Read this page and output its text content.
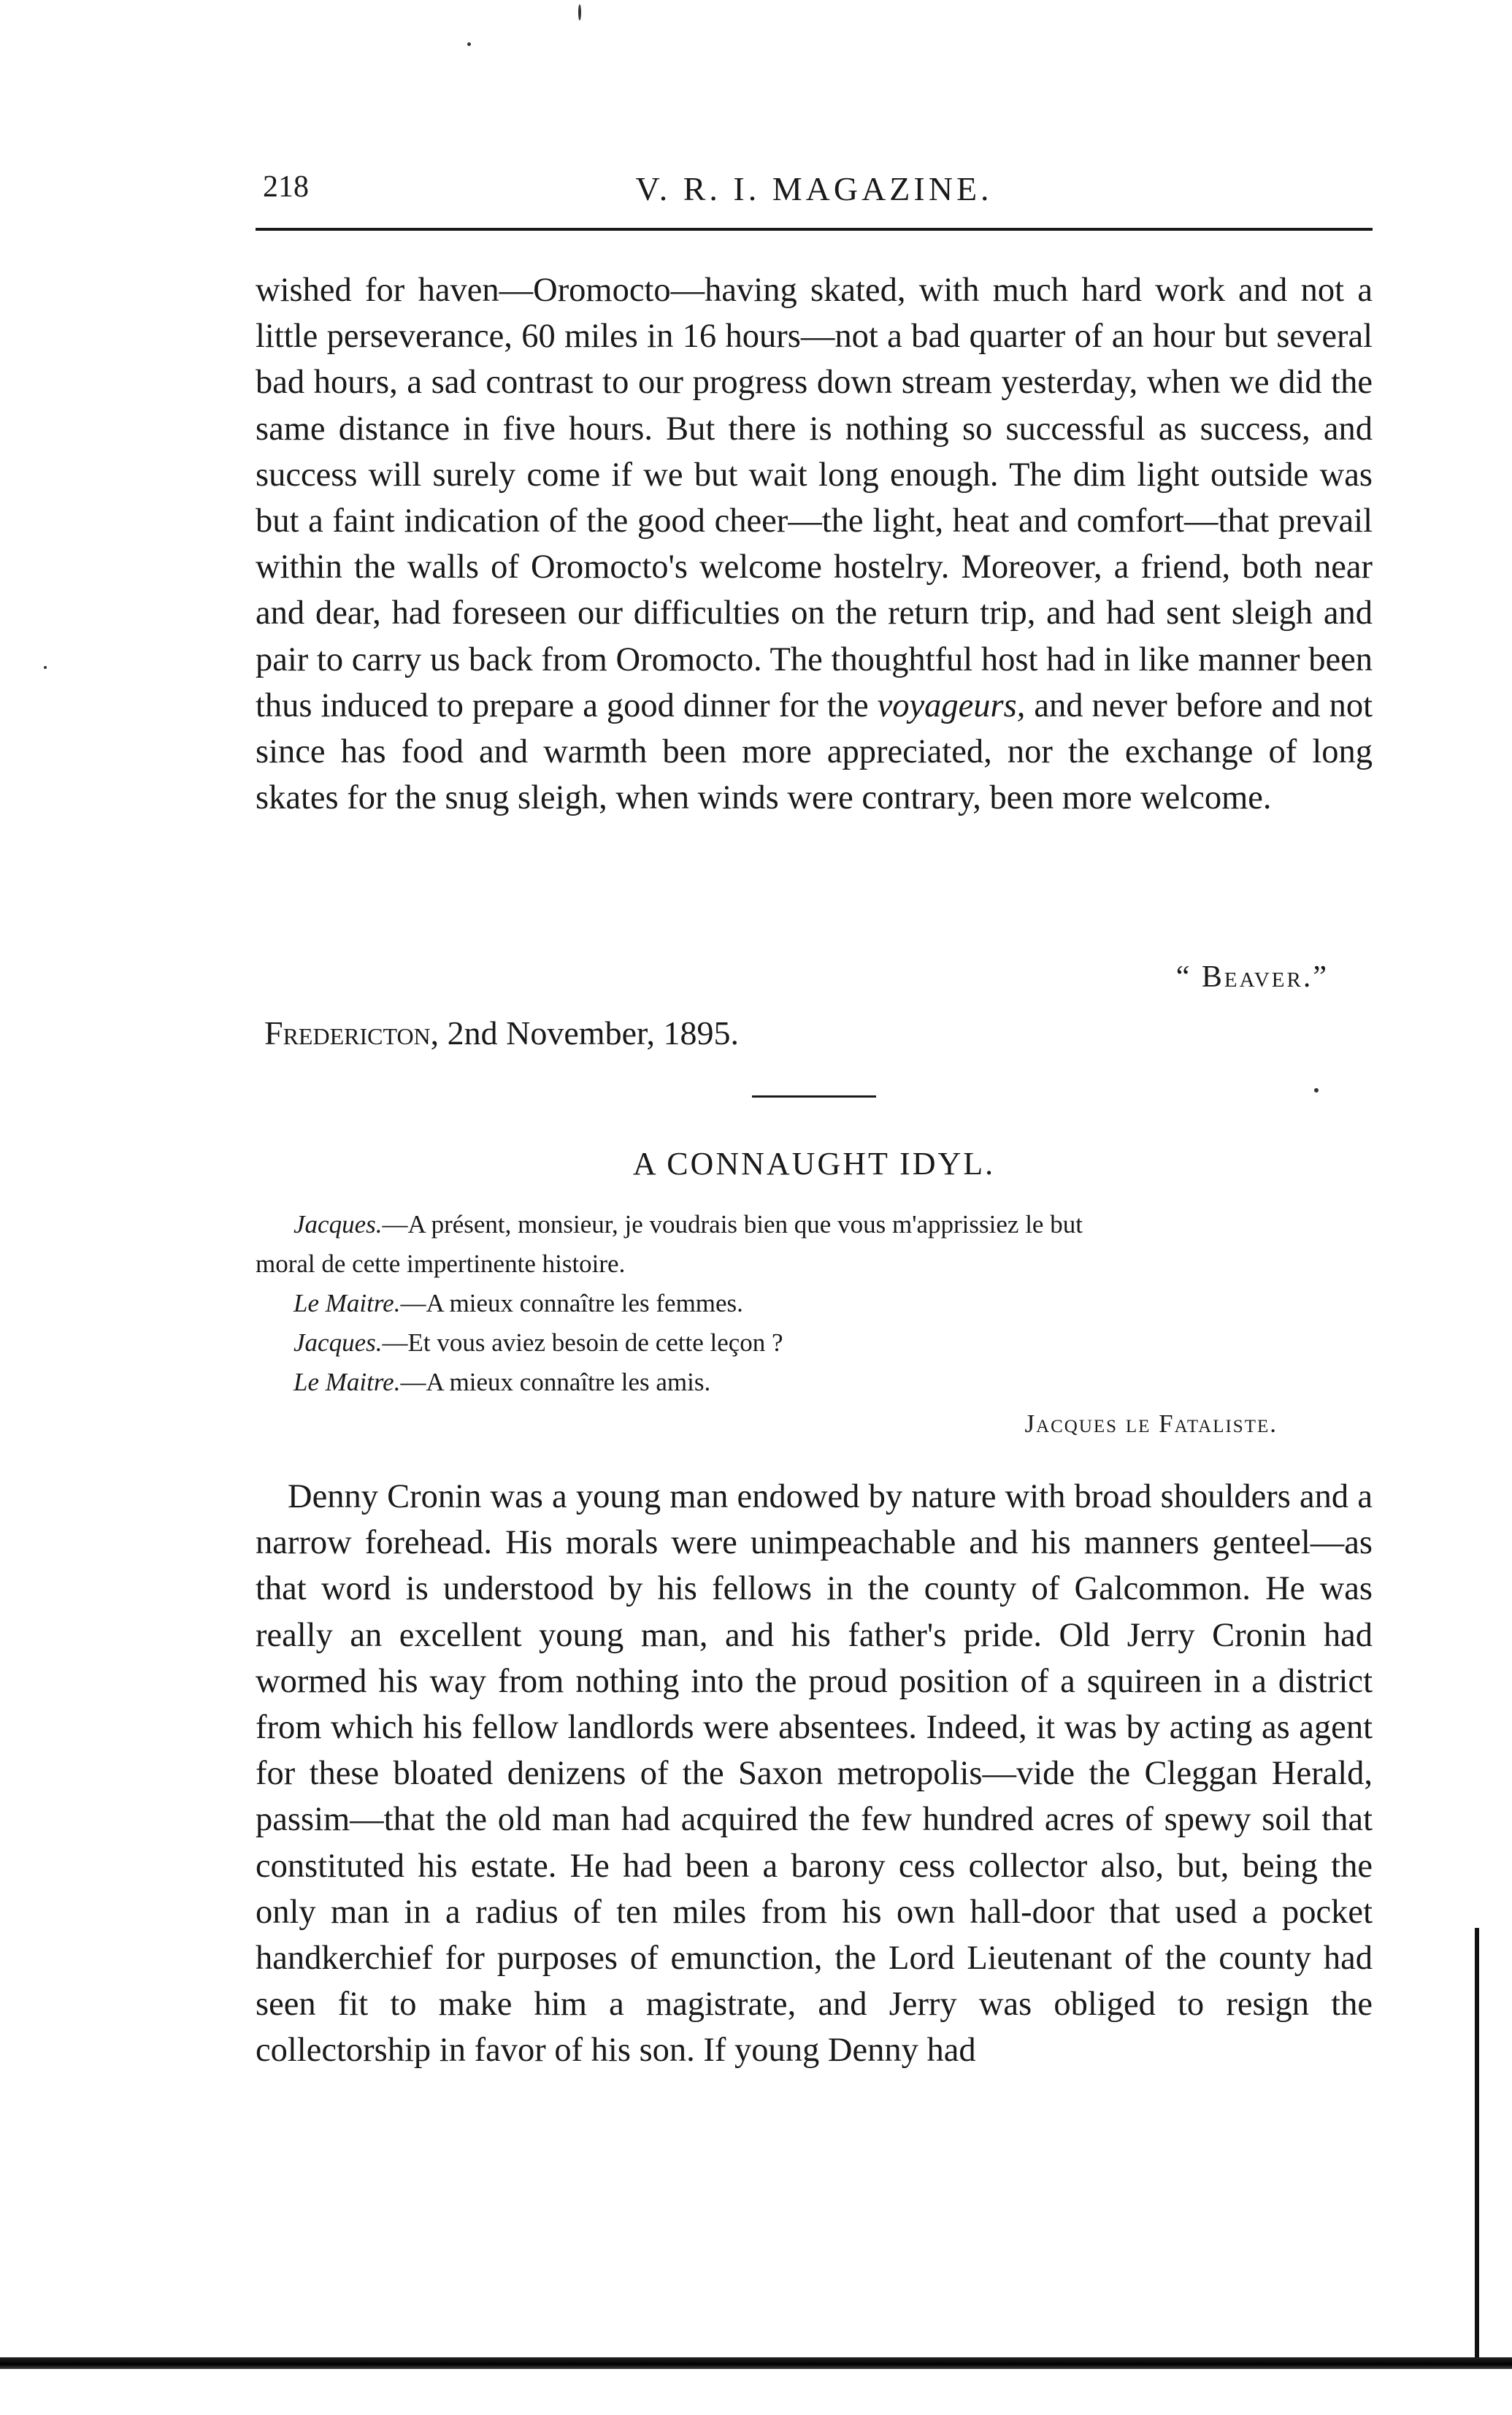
218	V. R. I. MAGAZINE.

wished for haven—Oromocto—having skated, with much hard work and not a little perseverance, 60 miles in 16 hours—not a bad quarter of an hour but several bad hours, a sad contrast to our progress down stream yesterday, when we did the same distance in five hours. But there is nothing so successful as success, and success will surely come if we but wait long enough. The dim light outside was but a faint indication of the good cheer—the light, heat and comfort—that prevail within the walls of Oromocto's welcome hostelry. Moreover, a friend, both near and dear, had foreseen our difficulties on the return trip, and had sent sleigh and pair to carry us back from Oromocto. The thoughtful host had in like manner been thus induced to prepare a good dinner for the voyageurs, and never before and not since has food and warmth been more appreciated, nor the exchange of long skates for the snug sleigh, when winds were contrary, been more welcome.

“ Beaver.”
Fredericton, 2nd November, 1895.
A CONNAUGHT IDYL.
Jacques.—A présent, monsieur, je voudrais bien que vous m'apprissiez le but
moral de cette impertinente histoire.
Le Maitre.—A mieux connaître les femmes.
Jacques.—Et vous aviez besoin de cette leçon ?
Le Maitre.—A mieux connaître les amis.
Jacques le Fataliste.

Denny Cronin was a young man endowed by nature with broad shoulders and a narrow forehead. His morals were unimpeachable and his manners genteel—as that word is understood by his fellows in the county of Galcommon. He was really an excellent young man, and his father's pride. Old Jerry Cronin had wormed his way from nothing into the proud position of a squireen in a district from which his fellow landlords were absentees. Indeed, it was by acting as agent for these bloated denizens of the Saxon metropolis—vide the Cleggan Herald, passim—that the old man had acquired the few hundred acres of spewy soil that constituted his estate. He had been a barony cess collector also, but, being the only man in a radius of ten miles from his own hall-door that used a pocket handkerchief for purposes of emunction, the Lord Lieutenant of the county had seen fit to make him a magistrate, and Jerry was obliged to resign the collectorship in favor of his son. If young Denny had
